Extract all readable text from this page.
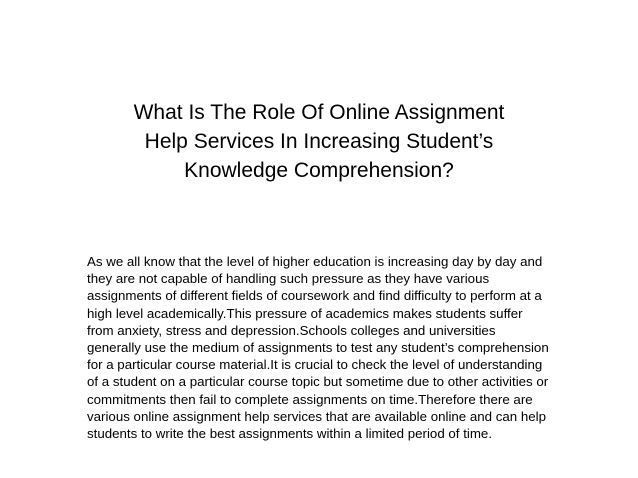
What Is The Role Of Online Assignment
Help Services In Increasing Student’s
Knowledge Comprehension?

As we all know that the level of higher education is increasing day by day and
they are not capable of handling such pressure as they have various
assignments of different fields of coursework and find difficulty to perform at a
high level academically.This pressure of academics makes students suffer
from anxiety, stress and depression.Schools colleges and universities
generally use the medium of assignments to test any student’s comprehension
for a particular course material.It is crucial to check the level of understanding
of a student on a particular course topic but sometime due to other activities or
commitments then fail to complete assignments on time.Therefore there are
various online assignment help services that are available online and can help
students to write the best assignments within a limited period of time.
